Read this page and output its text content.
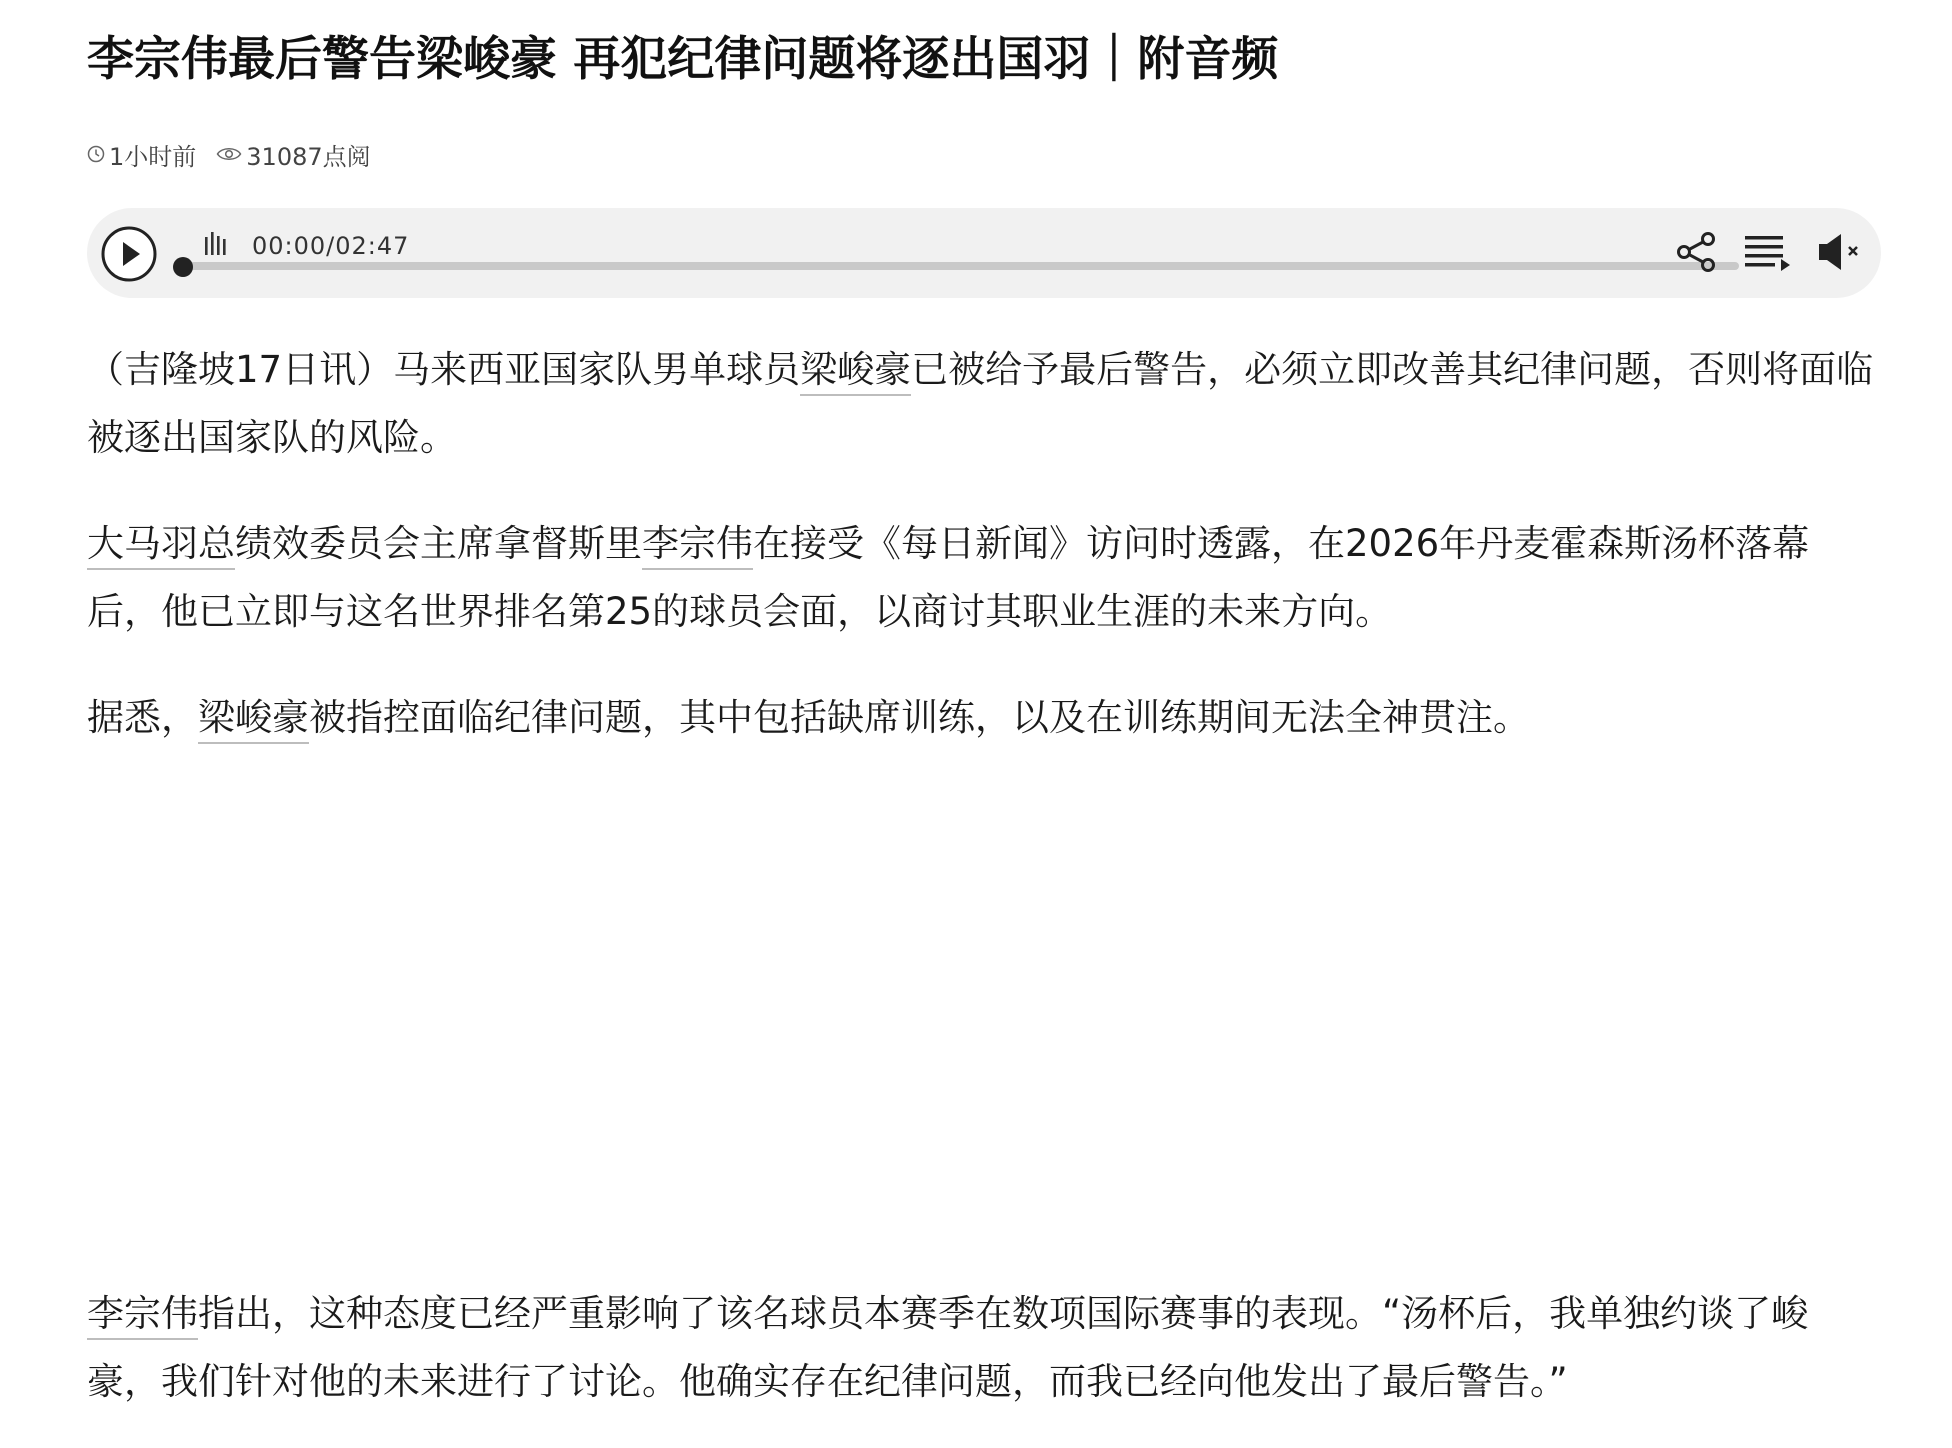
李宗伟最后警告梁峻豪 再犯纪律问题将逐出国羽｜附音频
1小时前 31087点阅
00:00/02:47

（吉隆坡17日讯）马来西亚国家队男单球员梁峻豪已被给予最后警告，必须立即改善其纪律问题，否则将面临被逐出国家队的风险。

大马羽总绩效委员会主席拿督斯里李宗伟在接受《每日新闻》访问时透露，在2026年丹麦霍森斯汤杯落幕后，他已立即与这名世界排名第25的球员会面，以商讨其职业生涯的未来方向。

据悉，梁峻豪被指控面临纪律问题，其中包括缺席训练，以及在训练期间无法全神贯注。

李宗伟指出，这种态度已经严重影响了该名球员本赛季在数项国际赛事的表现。“汤杯后，我单独约谈了峻豪，我们针对他的未来进行了讨论。他确实存在纪律问题，而我已经向他发出了最后警告。”
